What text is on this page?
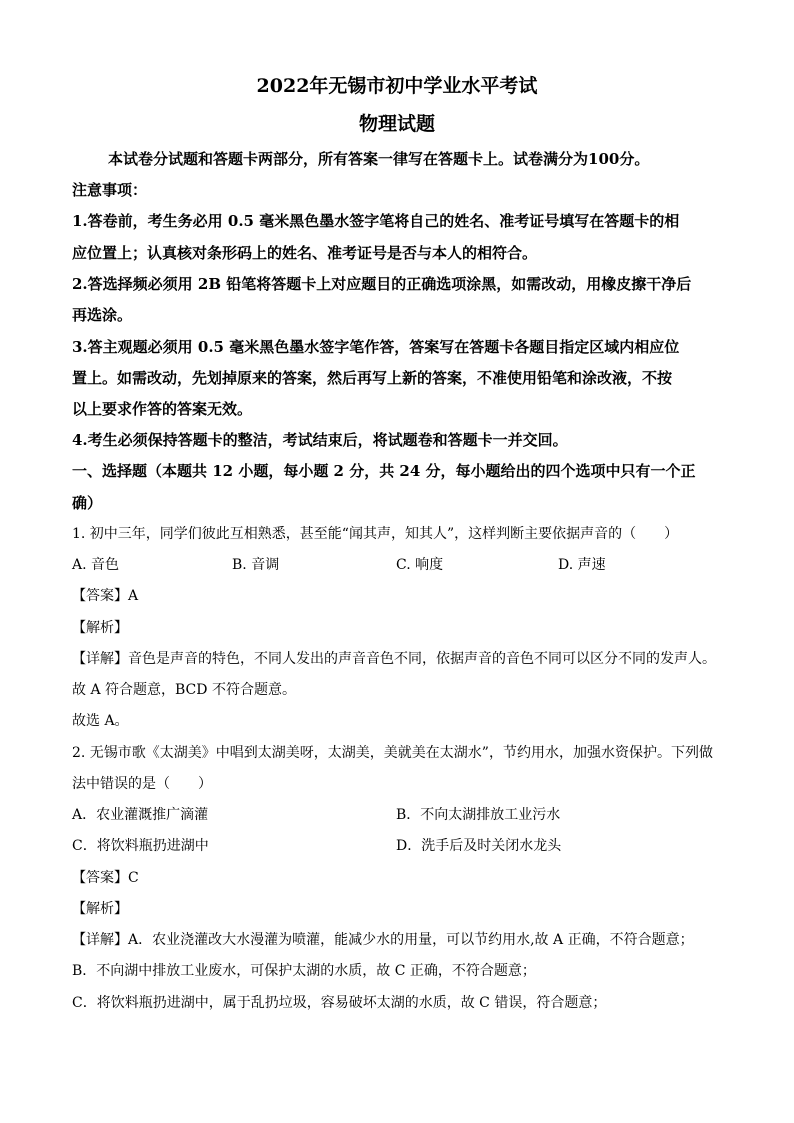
2022年无锡市初中学业水平考试
物理试题
本试卷分试题和答题卡两部分，所有答案一律写在答题卡上。试卷满分为100分。
注意事项：
1.答卷前，考生务必用 0.5 毫米黑色墨水签字笔将自己的姓名、准考证号填写在答题卡的相
应位置上；认真核对条形码上的姓名、准考证号是否与本人的相符合。
2.答选择频必须用 2B 铅笔将答题卡上对应题目的正确选项涂黑，如需改动，用橡皮擦干净后
再选涂。
3.答主观题必须用 0.5 毫米黑色墨水签字笔作答，答案写在答题卡各题目指定区域内相应位
置上。如需改动，先划掉原来的答案，然后再写上新的答案，不准使用铅笔和涂改液，不按
以上要求作答的答案无效。
4.考生必须保持答题卡的整洁，考试结束后，将试题卷和答题卡一并交回。
一、选择题（本题共 12 小题，每小题 2 分，共 24 分，每小题给出的四个选项中只有一个正
确）
1. 初中三年，同学们彼此互相熟悉，甚至能“闻其声，知其人”，这样判断主要依据声音的（　　）
A. 音色	B. 音调	C. 响度	D. 声速
【答案】A
【解析】
【详解】音色是声音的特色，不同人发出的声音音色不同，依据声音的音色不同可以区分不同的发声人。
故 A 符合题意，BCD 不符合题意。
故选 A。
2. 无锡市歌《太湖美》中唱到太湖美呀，太湖美，美就美在太湖水”，节约用水，加强水资保护。下列做
法中错误的是（　　）
A．农业灌溉推广滴灌	B．不向太湖排放工业污水
C．将饮料瓶扔进湖中	D．洗手后及时关闭水龙头
【答案】C
【解析】
【详解】A．农业浇灌改大水漫灌为喷灌，能减少水的用量，可以节约用水,故 A 正确，不符合题意；
B．不向湖中排放工业废水，可保护太湖的水质，故 C 正确，不符合题意；
C．将饮料瓶扔进湖中，属于乱扔垃圾，容易破坏太湖的水质，故 C 错误，符合题意；
